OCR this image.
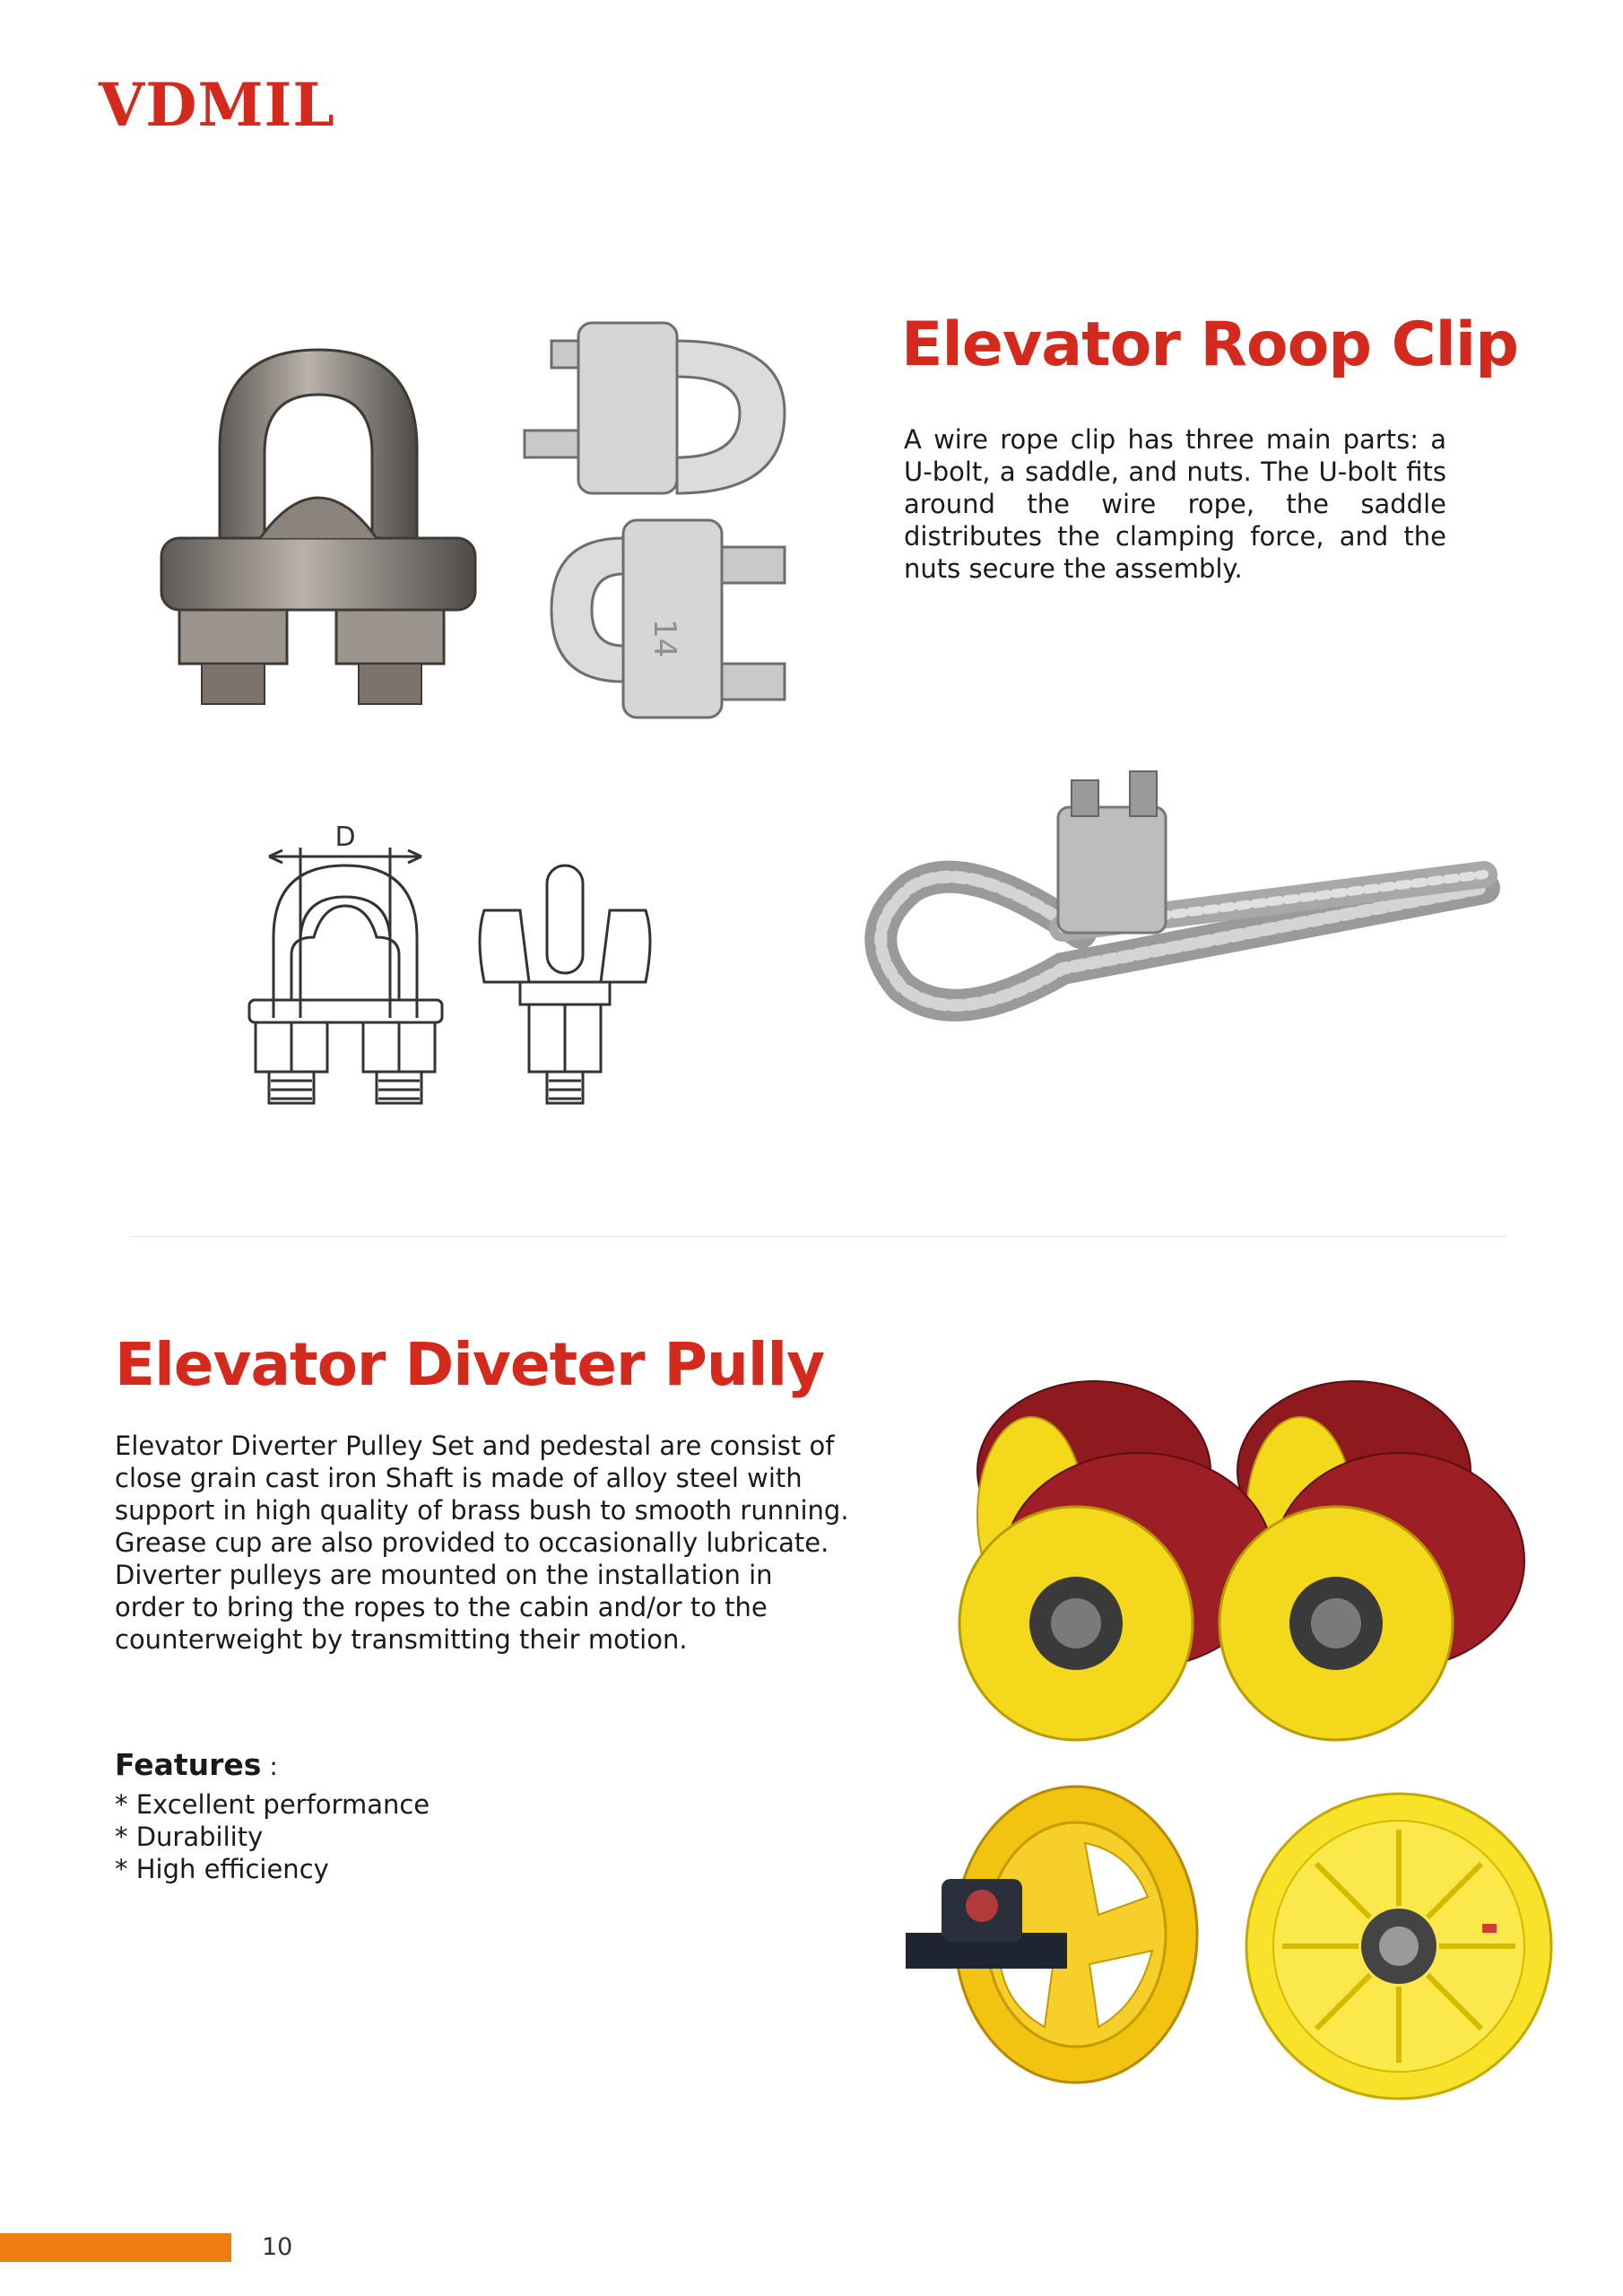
VDMIL
14
Elevator Roop Clip

A wire rope clip has three main parts: a U-bolt, a saddle, and nuts. The U-bolt fits around the wire rope, the saddle distributes the clamping force, and the nuts secure the assembly.

D
Elevator Diveter Pully

Elevator Diverter Pulley Set and pedestal are consist of close grain cast iron Shaft is made of alloy steel with support in high quality of brass bush to smooth running.

Grease cup are also provided to occasionally lubricate.

Diverter pulleys are mounted on the installation in order to bring the ropes to the cabin and/or to the counterweight by transmitting their motion.

Features :
* Excellent performance
* Durability
* High efficiency
10
